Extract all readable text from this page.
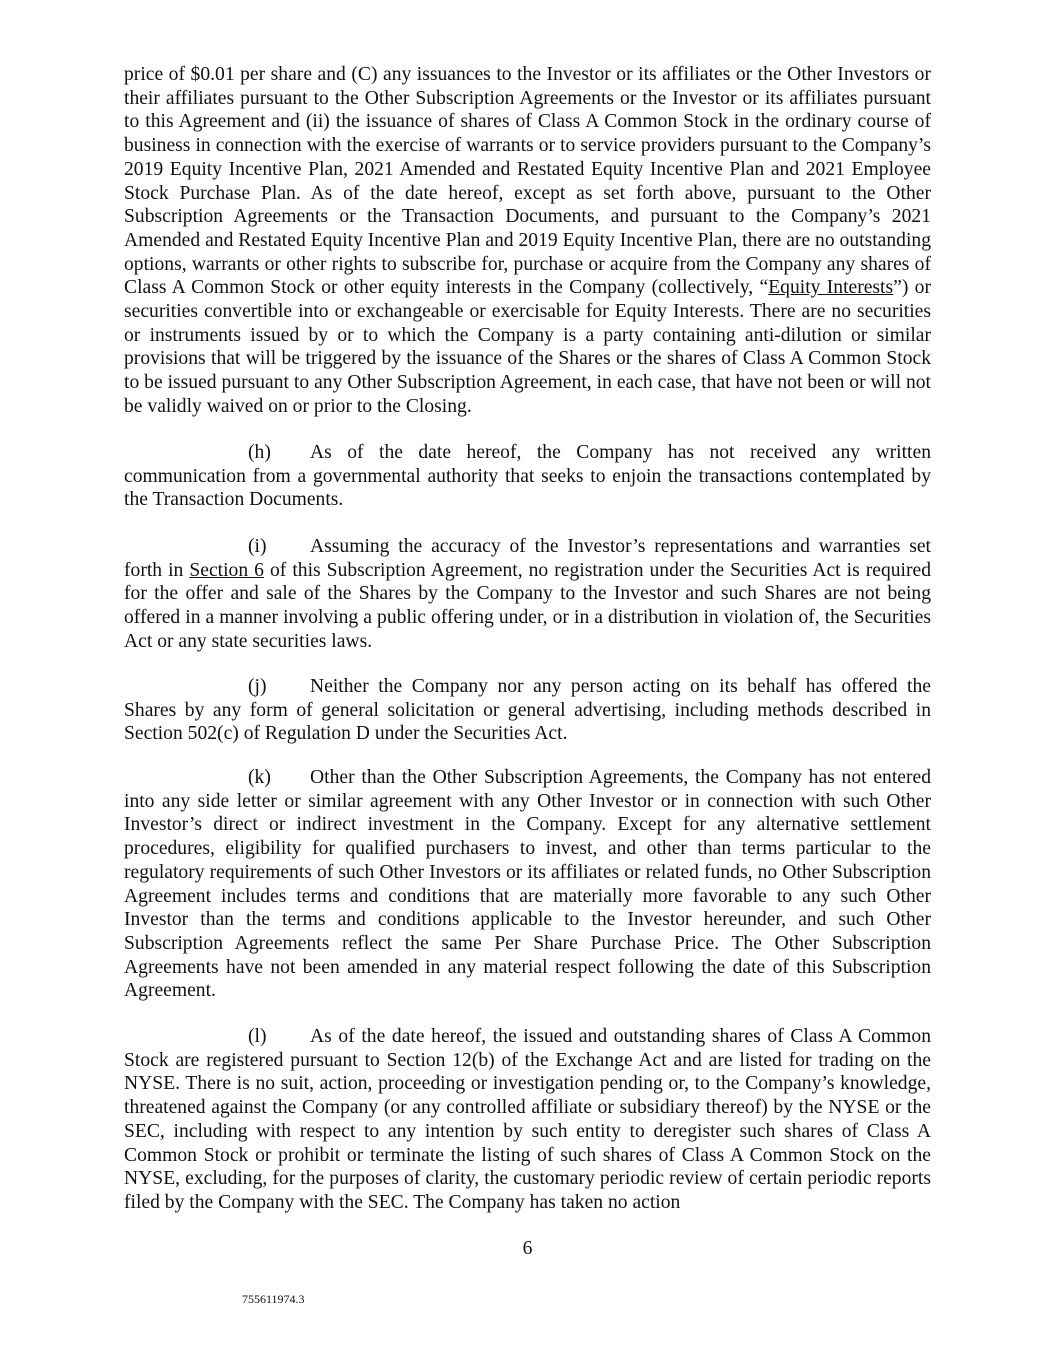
price of $0.01 per share and (C) any issuances to the Investor or its affiliates or the Other Investors or their affiliates pursuant to the Other Subscription Agreements or the Investor or its affiliates pursuant to this Agreement and (ii) the issuance of shares of Class A Common Stock in the ordinary course of business in connection with the exercise of warrants or to service providers pursuant to the Company’s 2019 Equity Incentive Plan, 2021 Amended and Restated Equity Incentive Plan and 2021 Employee Stock Purchase Plan. As of the date hereof, except as set forth above, pursuant to the Other Subscription Agreements or the Transaction Documents, and pursuant to the Company’s 2021 Amended and Restated Equity Incentive Plan and 2019 Equity Incentive Plan, there are no outstanding options, warrants or other rights to subscribe for, purchase or acquire from the Company any shares of Class A Common Stock or other equity interests in the Company (collectively, “Equity Interests”) or securities convertible into or exchangeable or exercisable for Equity Interests. There are no securities or instruments issued by or to which the Company is a party containing anti-dilution or similar provisions that will be triggered by the issuance of the Shares or the shares of Class A Common Stock to be issued pursuant to any Other Subscription Agreement, in each case, that have not been or will not be validly waived on or prior to the Closing.

(h) As of the date hereof, the Company has not received any written communication from a governmental authority that seeks to enjoin the transactions contemplated by the Transaction Documents.

(i) Assuming the accuracy of the Investor’s representations and warranties set forth in Section 6 of this Subscription Agreement, no registration under the Securities Act is required for the offer and sale of the Shares by the Company to the Investor and such Shares are not being offered in a manner involving a public offering under, or in a distribution in violation of, the Securities Act or any state securities laws.

(j) Neither the Company nor any person acting on its behalf has offered the Shares by any form of general solicitation or general advertising, including methods described in Section 502(c) of Regulation D under the Securities Act.

(k) Other than the Other Subscription Agreements, the Company has not entered into any side letter or similar agreement with any Other Investor or in connection with such Other Investor’s direct or indirect investment in the Company. Except for any alternative settlement procedures, eligibility for qualified purchasers to invest, and other than terms particular to the regulatory requirements of such Other Investors or its affiliates or related funds, no Other Subscription Agreement includes terms and conditions that are materially more favorable to any such Other Investor than the terms and conditions applicable to the Investor hereunder, and such Other Subscription Agreements reflect the same Per Share Purchase Price. The Other Subscription Agreements have not been amended in any material respect following the date of this Subscription Agreement.

(l) As of the date hereof, the issued and outstanding shares of Class A Common Stock are registered pursuant to Section 12(b) of the Exchange Act and are listed for trading on the NYSE. There is no suit, action, proceeding or investigation pending or, to the Company’s knowledge, threatened against the Company (or any controlled affiliate or subsidiary thereof) by the NYSE or the SEC, including with respect to any intention by such entity to deregister such shares of Class A Common Stock or prohibit or terminate the listing of such shares of Class A Common Stock on the NYSE, excluding, for the purposes of clarity, the customary periodic review of certain periodic reports filed by the Company with the SEC. The Company has taken no action

6
755611974.3
